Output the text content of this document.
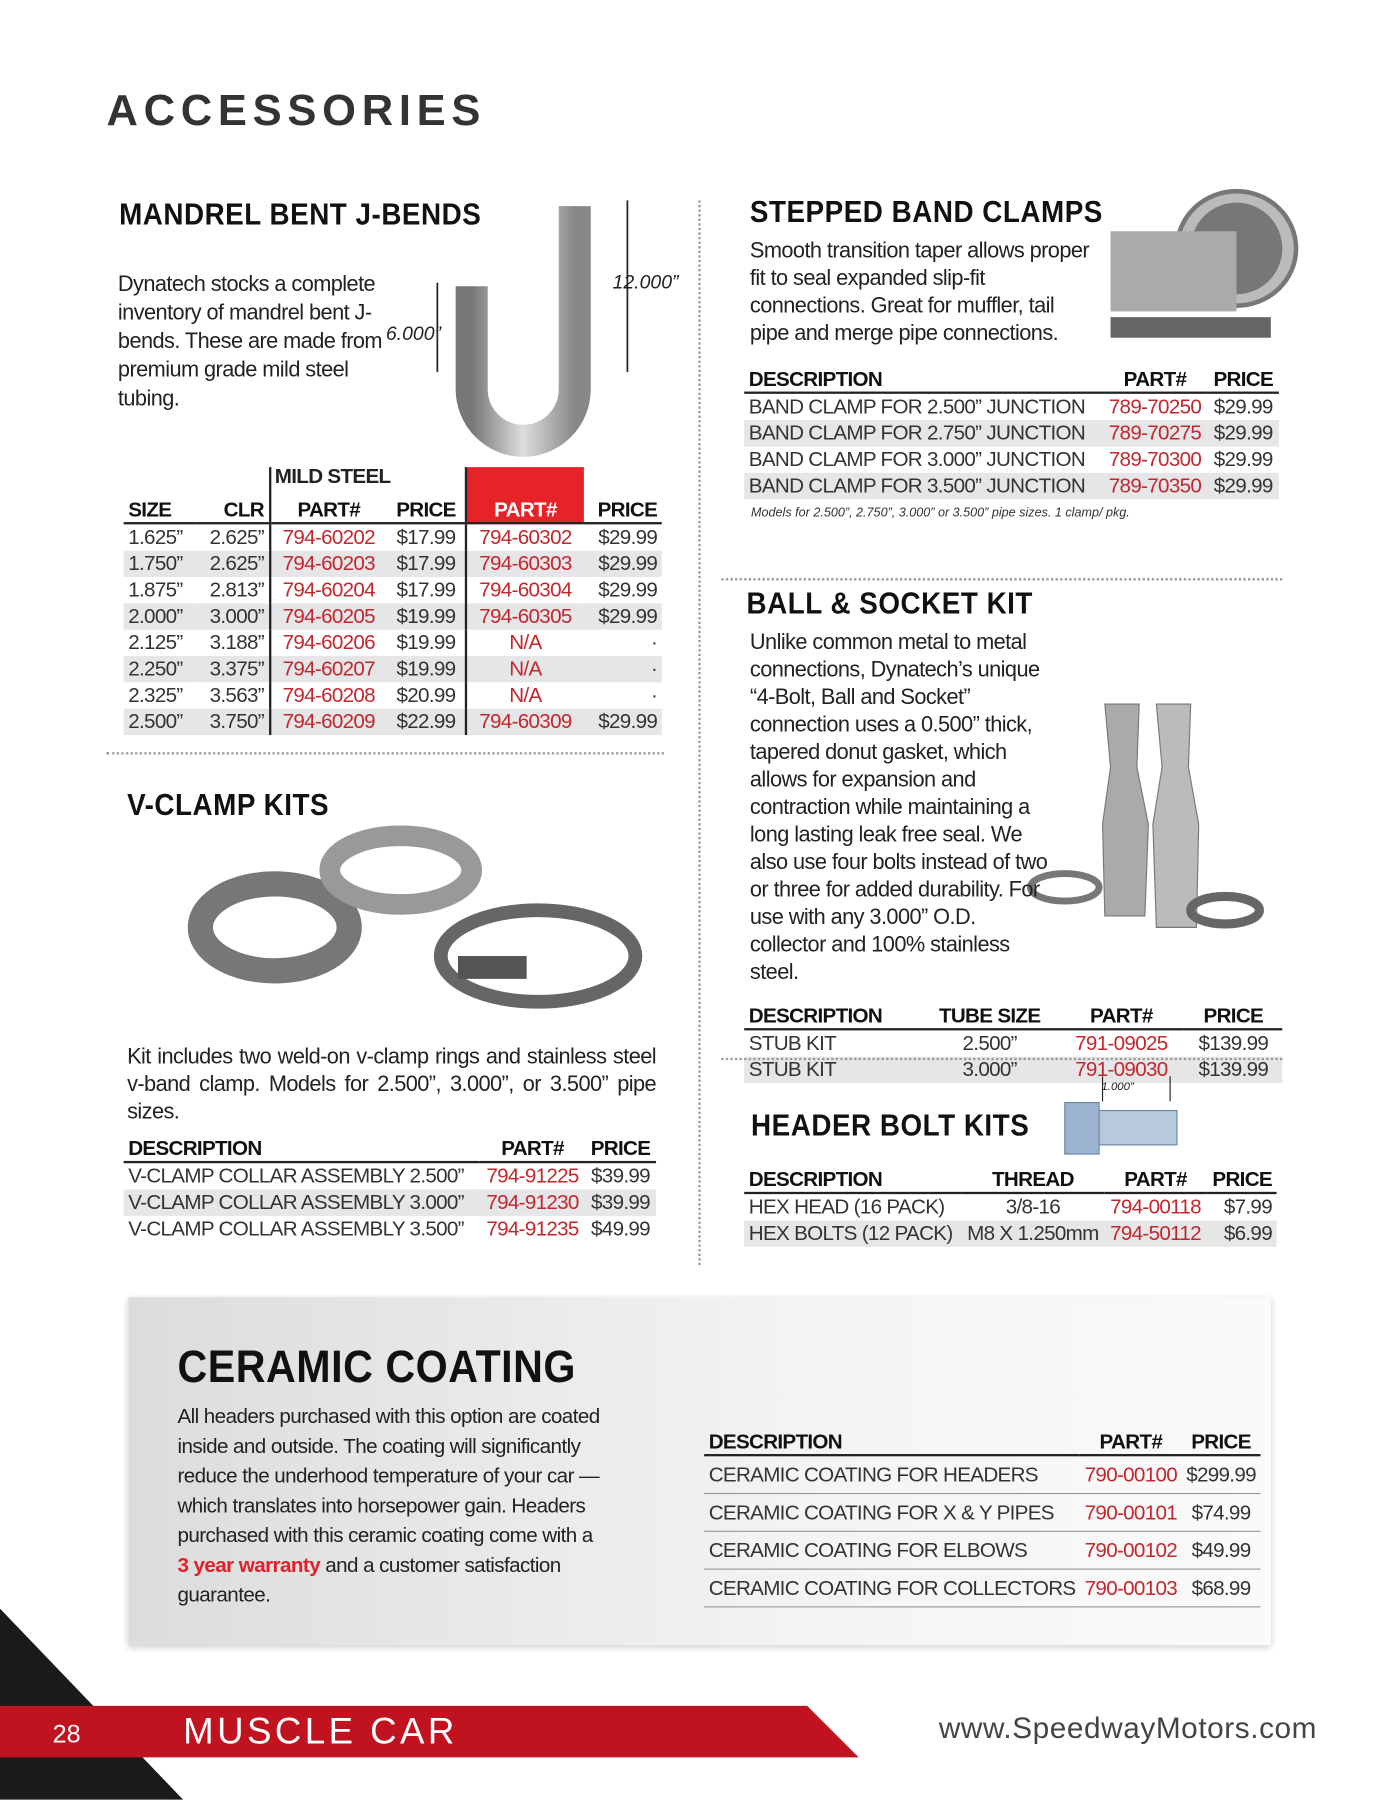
ACCESSORIES
MANDREL BENT J-BENDS
Dynatech stocks a complete inventory of mandrel bent J-bends. These are made from premium grade mild steel tubing.
6.000”
12.000”
MILD STEEL
SIZE	CLR	PART#	PRICE	PART#	PRICE
1.625”	2.625”	794-60202	$17.99	794-60302	$29.99
1.750”	2.625”	794-60203	$17.99	794-60303	$29.99
1.875”	2.813”	794-60204	$17.99	794-60304	$29.99
2.000”	3.000”	794-60205	$19.99	794-60305	$29.99
2.125”	3.188”	794-60206	$19.99	N/A	·
2.250”	3.375”	794-60207	$19.99	N/A	·
2.325”	3.563”	794-60208	$20.99	N/A	·
2.500”	3.750”	794-60209	$22.99	794-60309	$29.99
V-CLAMP KITS
Kit includes two weld-on v-clamp rings and stainless steel v-band clamp. Models for 2.500”, 3.000”, or 3.500” pipe sizes.
DESCRIPTION	PART#	PRICE
V-CLAMP COLLAR ASSEMBLY 2.500”	794-91225	$39.99
V-CLAMP COLLAR ASSEMBLY 3.000”	794-91230	$39.99
V-CLAMP COLLAR ASSEMBLY 3.500”	794-91235	$49.99
STEPPED BAND CLAMPS
Smooth transition taper allows proper fit to seal expanded slip-fit connections. Great for muffler, tail pipe and merge pipe connections.
DESCRIPTION	PART#	PRICE
BAND CLAMP FOR 2.500” JUNCTION	789-70250	$29.99
BAND CLAMP FOR 2.750” JUNCTION	789-70275	$29.99
BAND CLAMP FOR 3.000” JUNCTION	789-70300	$29.99
BAND CLAMP FOR 3.500” JUNCTION	789-70350	$29.99
Models for 2.500”, 2.750”, 3.000” or 3.500” pipe sizes. 1 clamp/ pkg.
BALL & SOCKET KIT
Unlike common metal to metal connections, Dynatech’s unique “4-Bolt, Ball and Socket” connection uses a 0.500” thick, tapered donut gasket, which allows for expansion and contraction while maintaining a long lasting leak free seal. We also use four bolts instead of two or three for added durability. For use with any 3.000” O.D. collector and 100% stainless steel.
DESCRIPTION	TUBE SIZE	PART#	PRICE
STUB KIT	2.500”	791-09025	$139.99
STUB KIT	3.000”	791-09030	$139.99
HEADER BOLT KITS
1.000”
DESCRIPTION	THREAD	PART#	PRICE
HEX HEAD (16 PACK)	3/8-16	794-00118	$7.99
HEX BOLTS (12 PACK)	M8 X 1.250mm	794-50112	$6.99
CERAMIC COATING
All headers purchased with this option are coated inside and outside. The coating will significantly reduce the underhood temperature of your car — which translates into horsepower gain. Headers purchased with this ceramic coating come with a 3 year warranty and a customer satisfaction guarantee.
DESCRIPTION	PART#	PRICE
CERAMIC COATING FOR HEADERS	790-00100	$299.99
CERAMIC COATING FOR X & Y PIPES	790-00101	$74.99
CERAMIC COATING FOR ELBOWS	790-00102	$49.99
CERAMIC COATING FOR COLLECTORS	790-00103	$68.99
28	MUSCLE CAR	www.SpeedwayMotors.com
